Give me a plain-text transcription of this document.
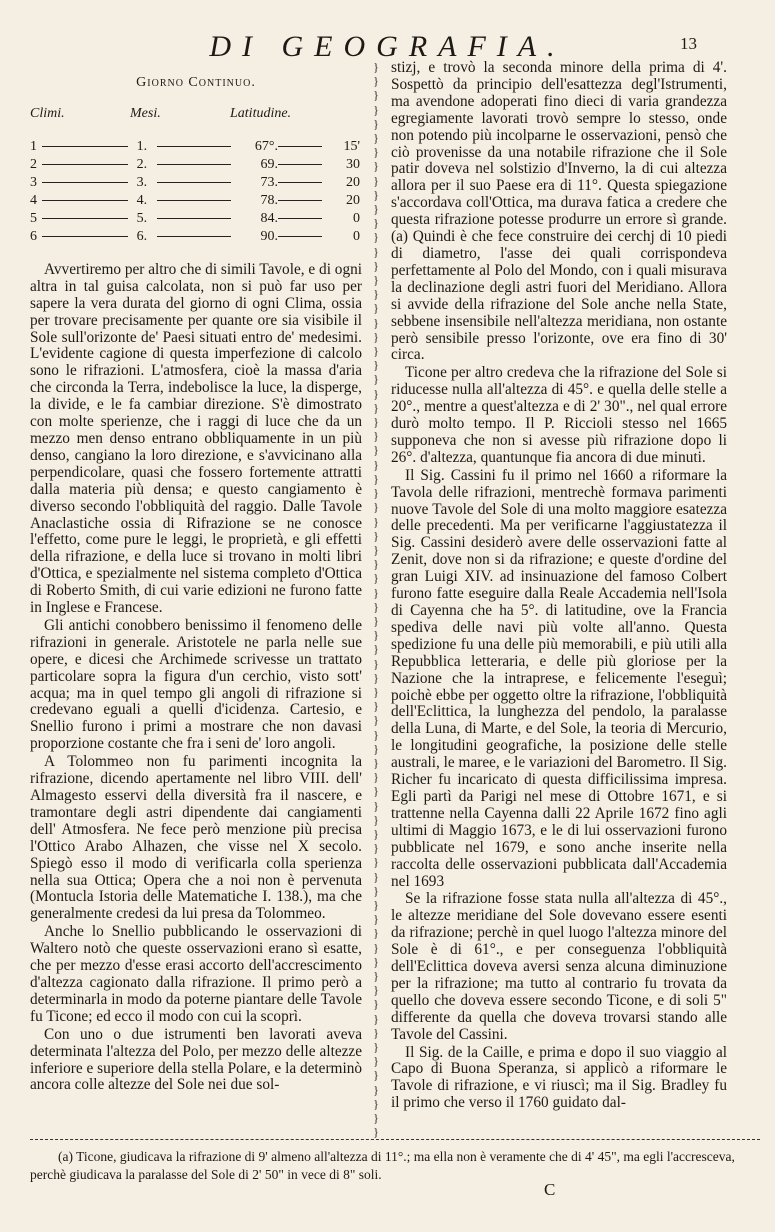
DI GEOGRAFIA.	13
Giorno Continuo.
Climi.	Mesi.	Latitudine.
1		1.		67°.		15'
2		2.		69.		30
3		3.		73.		20
4		4.		78.		20
5		5.		84.		0
6		6.		90.		0

Avvertiremo per altro che di simili Tavole, e di ogni altra in tal guisa calcolata, non si può far uso per sapere la vera durata del giorno di ogni Clima, ossia per trovare precisamente per quante ore sia visibile il Sole sull'orizonte de' Paesi situati entro de' medesimi. L'evidente cagione di questa imperfezione di calcolo sono le rifrazioni. L'atmosfera, cioè la massa d'aria che circonda la Terra, indebolisce la luce, la disperge, la divide, e le fa cambiar direzione. S'è dimostrato con molte sperienze, che i raggi di luce che da un mezzo men denso entrano obbliquamente in un più denso, cangiano la loro direzione, e s'avvicinano alla perpendicolare, quasi che fossero fortemente attratti dalla materia più densa; e questo cangiamento è diverso secondo l'obbliquità del raggio. Dalle Tavole Anaclastiche ossia di Rifrazione se ne conosce l'effetto, come pure le leggi, le proprietà, e gli effetti della rifrazione, e della luce si trovano in molti libri d'Ottica, e spezialmente nel sistema completo d'Ottica di Roberto Smith, di cui varie edizioni ne furono fatte in Inglese e Francese.

Gli antichi conobbero benissimo il fenomeno delle rifrazioni in generale. Aristotele ne parla nelle sue opere, e dicesi che Archimede scrivesse un trattato particolare sopra la figura d'un cerchio, visto sott' acqua; ma in quel tempo gli angoli di rifrazione si credevano eguali a quelli d'icidenza. Cartesio, e Snellio furono i primi a mostrare che non davasi proporzione costante che fra i seni de' loro angoli.

A Tolommeo non fu parimenti incognita la rifrazione, dicendo apertamente nel libro VIII. dell' Almagesto esservi della diversità fra il nascere, e tramontare degli astri dipendente dai cangiamenti dell' Atmosfera. Ne fece però menzione più precisa l'Ottico Arabo Alhazen, che visse nel X secolo. Spiegò esso il modo di verificarla colla sperienza nella sua Ottica; Opera che a noi non è pervenuta (Montucla Istoria delle Matematiche I. 138.), ma che generalmente credesi da lui presa da Tolommeo.

Anche lo Snellio pubblicando le osservazioni di Waltero notò che queste osservazioni erano sì esatte, che per mezzo d'esse erasi accorto dell'accrescimento d'altezza cagionato dalla rifrazione. Il primo però a determinarla in modo da poterne piantare delle Tavole fu Ticone; ed ecco il modo con cui la scoprì.

Con uno o due istrumenti ben lavorati aveva determinata l'altezza del Polo, per mezzo delle altezze inferiore e superiore della stella Polare, e la determinò ancora colle altezze del Sole nei due sol-

}
}
}
}
}
}
}
}
}
}
}
}
}
}
}
}
}
}
}
}
}
}
}
}
}
}
}
}
}
}
}
}
}
}
}
}
}
}
}
}
}
}
}
}
}
}
}
}
}
}
}
}
}
}
}
}
}
}
}
}
}
}
}
}
}
}
}
}
}
}
}
}
}
}
}
}

stizj, e trovò la seconda minore della prima di 4'. Sospettò da principio dell'esattezza degl'Istrumenti, ma avendone adoperati fino dieci di varia grandezza egregiamente lavorati trovò sempre lo stesso, onde non potendo più incolparne le osservazioni, pensò che ciò provenisse da una notabile rifrazione che il Sole patir doveva nel solstizio d'Inverno, la di cui altezza allora per il suo Paese era di 11°. Questa spiegazione s'accordava coll'Ottica, ma durava fatica a credere che questa rifrazione potesse produrre un errore sì grande. (a) Quindi è che fece construire dei cerchj di 10 piedi di diametro, l'asse dei quali corrispondeva perfettamente al Polo del Mondo, con i quali misurava la declinazione degli astri fuori del Meridiano. Allora si avvide della rifrazione del Sole anche nella State, sebbene insensibile nell'altezza meridiana, non ostante però sensibile presso l'orizonte, ove era fino di 30' circa.

Ticone per altro credeva che la rifrazione del Sole si riducesse nulla all'altezza di 45°. e quella delle stelle a 20°., mentre a quest'altezza e di 2' 30"., nel qual errore durò molto tempo. Il P. Riccioli stesso nel 1665 supponeva che non si avesse più rifrazione dopo li 26°. d'altezza, quantunque fia ancora di due minuti.

Il Sig. Cassini fu il primo nel 1660 a riformare la Tavola delle rifrazioni, mentrechè formava parimenti nuove Tavole del Sole di una molto maggiore esatezza delle precedenti. Ma per verificarne l'aggiustatezza il Sig. Cassini desiderò avere delle osservazioni fatte al Zenit, dove non si da rifrazione; e queste d'ordine del gran Luigi XIV. ad insinuazione del famoso Colbert furono fatte eseguire dalla Reale Accademia nell'Isola di Cayenna che ha 5°. di latitudine, ove la Francia spediva delle navi più volte all'anno. Questa spedizione fu una delle più memorabili, e più utili alla Repubblica letteraria, e delle più gloriose per la Nazione che la intraprese, e felicemente l'eseguì; poichè ebbe per oggetto oltre la rifrazione, l'obbliquità dell'Eclittica, la lunghezza del pendolo, la paralasse della Luna, di Marte, e del Sole, la teoria di Mercurio, le longitudini geografiche, la posizione delle stelle australi, le maree, e le variazioni del Barometro. Il Sig. Richer fu incaricato di questa difficilissima impresa. Egli partì da Parigi nel mese di Ottobre 1671, e si trattenne nella Cayenna dalli 22 Aprile 1672 fino agli ultimi di Maggio 1673, e le di lui osservazioni furono pubblicate nel 1679, e sono anche inserite nella raccolta delle osservazioni pubblicata dall'Accademia nel 1693

Se la rifrazione fosse stata nulla all'altezza di 45°., le altezze meridiane del Sole dovevano essere esenti da rifrazione; perchè in quel luogo l'altezza minore del Sole è di 61°., e per conseguenza l'obbliquità dell'Eclittica doveva aversi senza alcuna diminuzione per la rifrazione; ma tutto al contrario fu trovata da quello che doveva essere secondo Ticone, e di soli 5" differente da quella che doveva trovarsi stando alle Tavole del Cassini.

Il Sig. de la Caille, e prima e dopo il suo viaggio al Capo di Buona Speranza, si applicò a riformare le Tavole di rifrazione, e vi riuscì; ma il Sig. Bradley fu il primo che verso il 1760 guidato dal-

(a) Ticone, giudicava la rifrazione di 9' almeno all'altezza di 11°.; ma ella non è veramente che di 4' 45", ma egli l'accresceva, perchè giudicava la paralasse del Sole di 2' 50" in vece di 8" soli.
C
